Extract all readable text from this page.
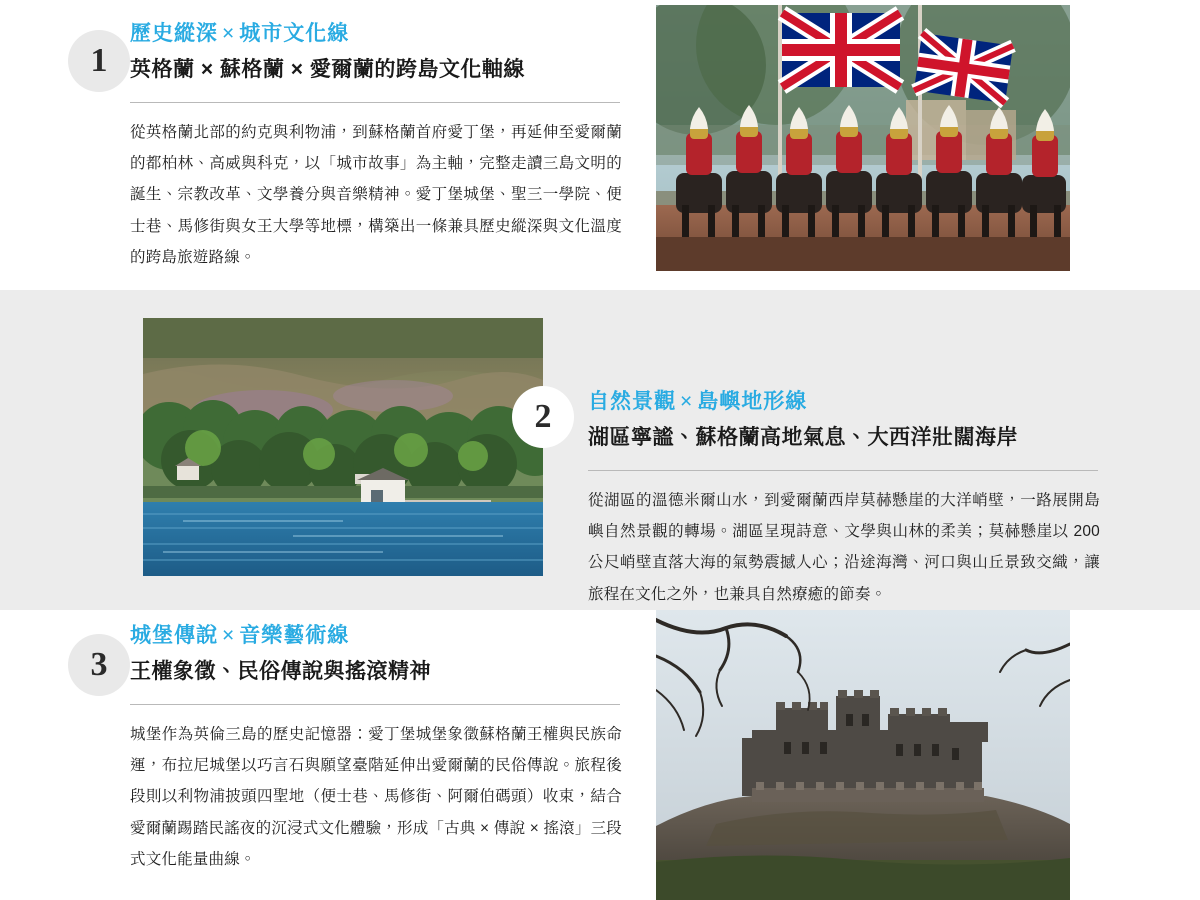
1
歷史縱深 × 城市文化線
英格蘭 × 蘇格蘭 × 愛爾蘭的跨島文化軸線

從英格蘭北部的約克與利物浦，到蘇格蘭首府愛丁堡，再延伸至愛爾蘭的都柏林、高威與科克，以「城市故事」為主軸，完整走讀三島文明的誕生、宗教改革、文學養分與音樂精神。愛丁堡城堡、聖三一學院、便士巷、馬修街與女王大學等地標，構築出一條兼具歷史縱深與文化溫度的跨島旅遊路線。

2	自然景觀 × 島嶼地形線
湖區寧謐、蘇格蘭高地氣息、大西洋壯闊海岸

從湖區的溫德米爾山水，到愛爾蘭西岸莫赫懸崖的大洋峭壁，一路展開島嶼自然景觀的轉場。湖區呈現詩意、文學與山林的柔美；莫赫懸崖以 200 公尺峭壁直落大海的氣勢震撼人心；沿途海灣、河口與山丘景致交織，讓旅程在文化之外，也兼具自然療癒的節奏。

3
城堡傳說 × 音樂藝術線
王權象徵、民俗傳說與搖滾精神

城堡作為英倫三島的歷史記憶器：愛丁堡城堡象徵蘇格蘭王權與民族命運，布拉尼城堡以巧言石與願望臺階延伸出愛爾蘭的民俗傳說。旅程後段則以利物浦披頭四聖地（便士巷、馬修街、阿爾伯碼頭）收束，結合愛爾蘭踢踏民謠夜的沉浸式文化體驗，形成「古典 × 傳說 × 搖滾」三段式文化能量曲線。
